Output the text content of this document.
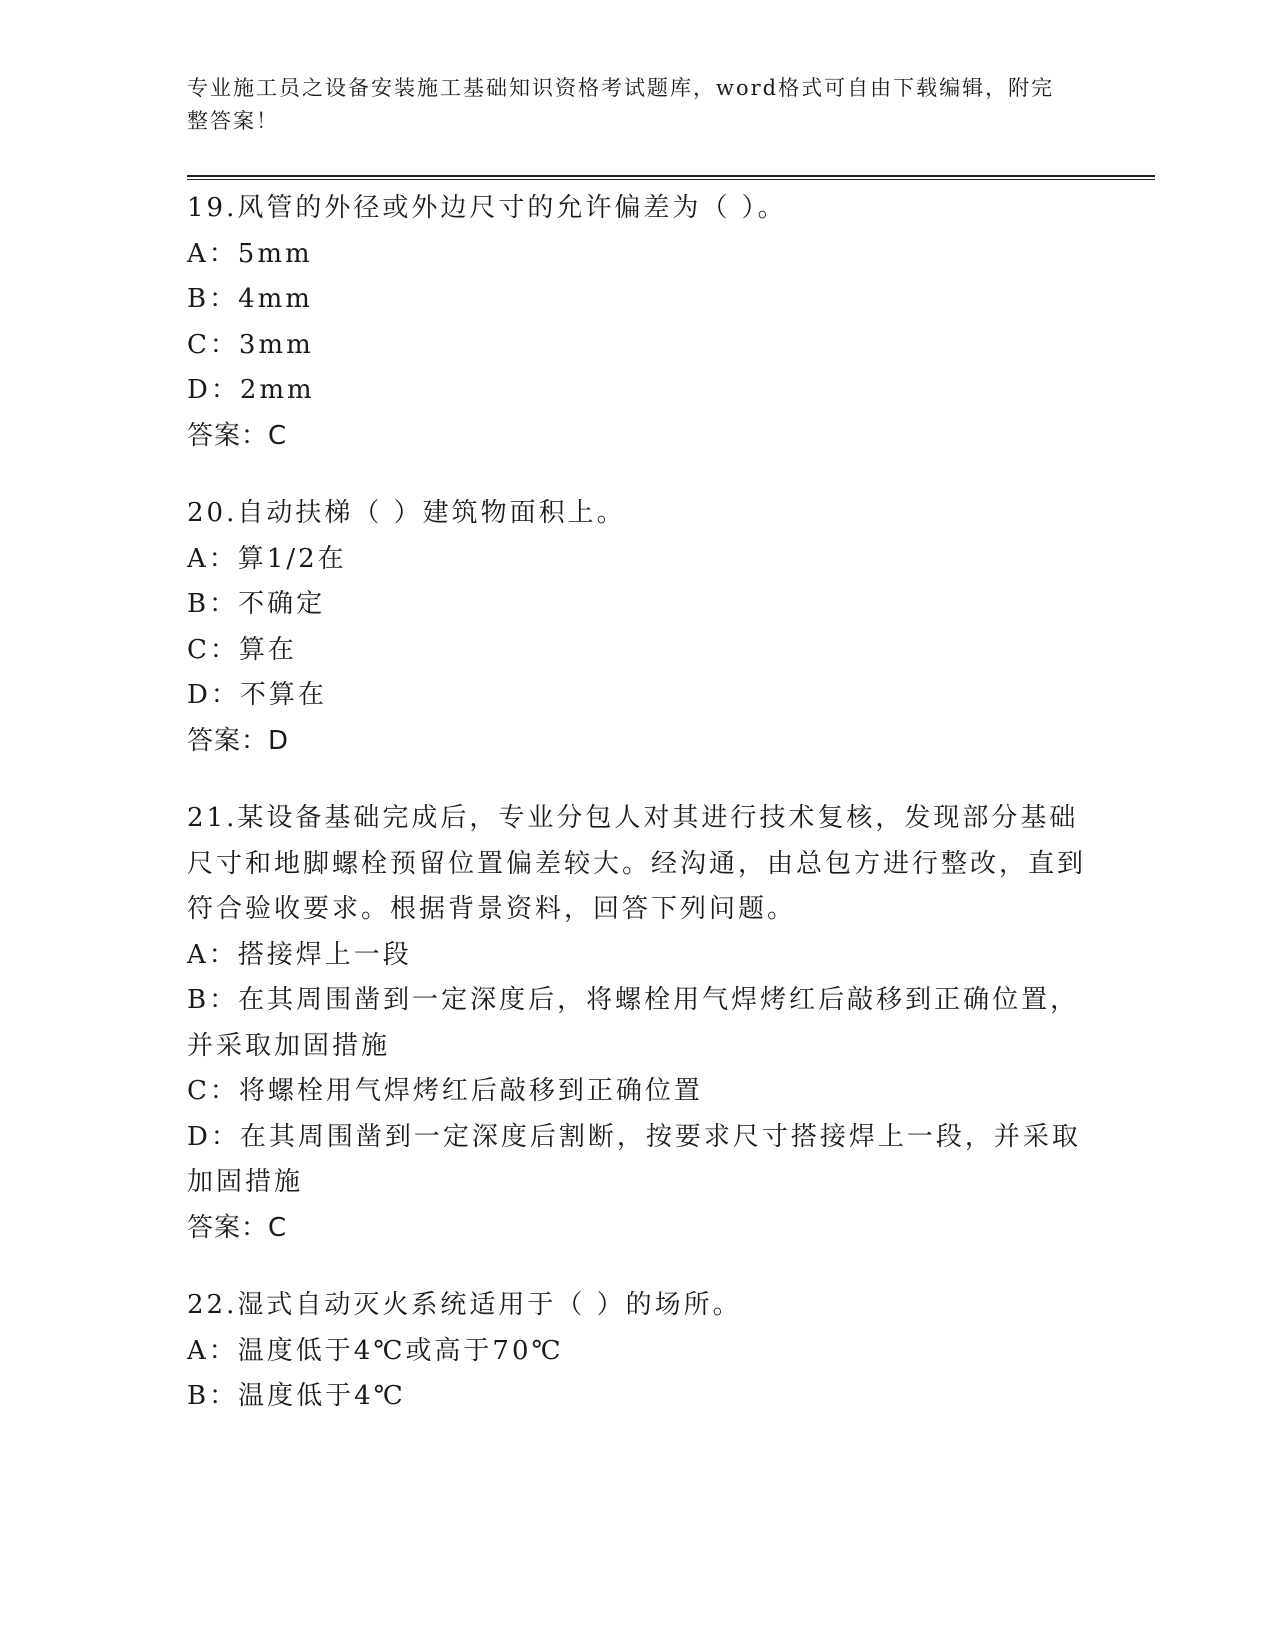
专业施工员之设备安装施工基础知识资格考试题库，word格式可自由下载编辑，附完整答案！
19.风管的外径或外边尺寸的允许偏差为（ ）。
A：5mm
B：4mm
C：3mm
D：2mm
答案：C
20.自动扶梯（ ）建筑物面积上。
A：算1/2在
B：不确定
C：算在
D：不算在
答案：D
21.某设备基础完成后，专业分包人对其进行技术复核，发现部分基础尺寸和地脚螺栓预留位置偏差较大。经沟通，由总包方进行整改，直到符合验收要求。根据背景资料，回答下列问题。
A：搭接焊上一段
B：在其周围凿到一定深度后，将螺栓用气焊烤红后敲移到正确位置，并采取加固措施
C：将螺栓用气焊烤红后敲移到正确位置
D：在其周围凿到一定深度后割断，按要求尺寸搭接焊上一段，并采取加固措施
答案：C
22.湿式自动灭火系统适用于（ ）的场所。
A：温度低于4℃或高于70℃
B：温度低于4℃
